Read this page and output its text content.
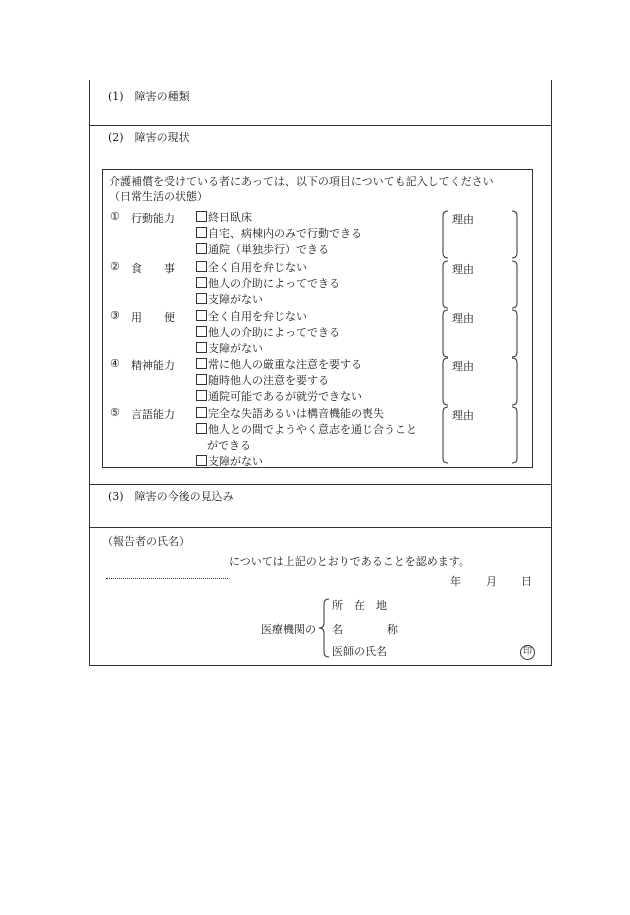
(1)　障害の種類
(2)　障害の現状
介護補償を受けている者にあっては、以下の項目についても記入してください
（日常生活の状態）
① 行動能力	終日臥床
自宅、病棟内のみで行動できる
通院（単独歩行）できる
理由
② 食　　事	全く自用を弁じない
他人の介助によってできる
支障がない
理由
③ 用　　便	全く自用を弁じない
他人の介助によってできる
支障がない
理由
④ 精神能力	常に他人の厳重な注意を要する
随時他人の注意を要する
通院可能であるが就労できない
理由
⑤ 言語能力	完全な失語あるいは構音機能の喪失
他人との間でようやく意志を通じ合うこと
ができる
支障がない
理由
(3)　障害の今後の見込み
（報告者の氏名）
については上記のとおりであることを認めます。
年 月 日
医療機関の
所　在　地
名　　　　称
医師の氏名	印
